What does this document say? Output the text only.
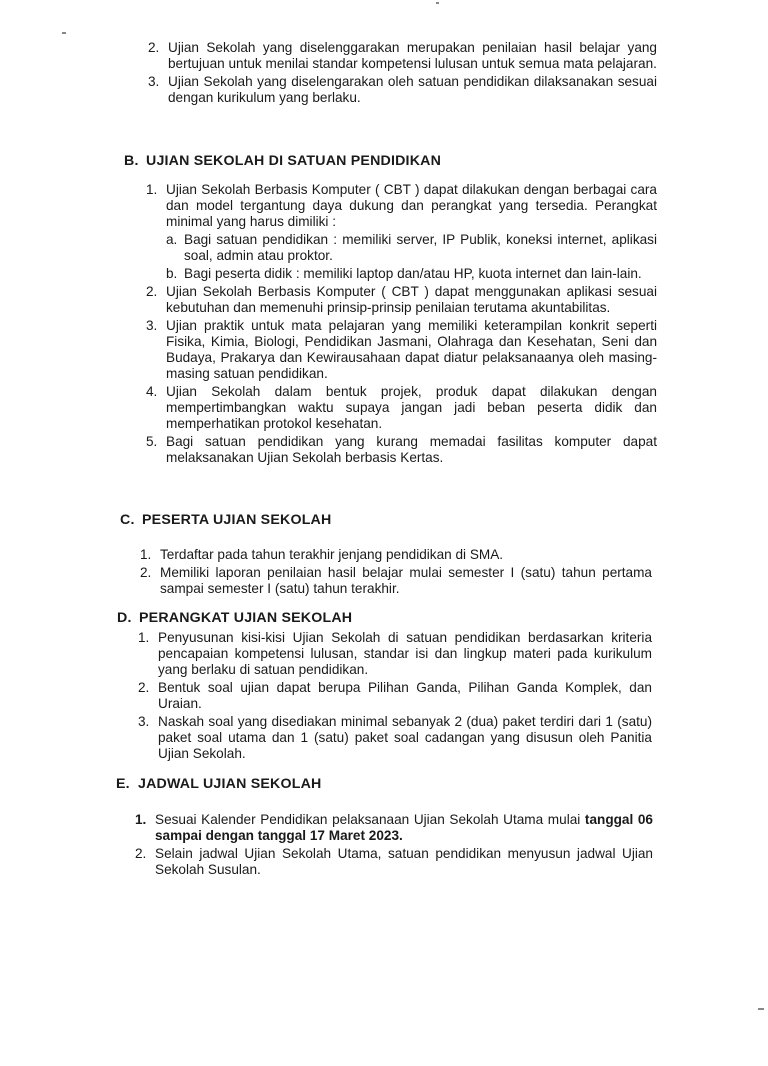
2. Ujian Sekolah yang diselenggarakan merupakan penilaian hasil belajar yang bertujuan untuk menilai standar kompetensi lulusan untuk semua mata pelajaran.
3. Ujian Sekolah yang diselengarakan oleh satuan pendidikan dilaksanakan sesuai dengan kurikulum yang berlaku.
B. UJIAN SEKOLAH DI SATUAN PENDIDIKAN
1. Ujian Sekolah Berbasis Komputer ( CBT ) dapat dilakukan dengan berbagai cara dan model tergantung daya dukung dan perangkat yang tersedia. Perangkat minimal yang harus dimiliki :
a. Bagi satuan pendidikan : memiliki server, IP Publik, koneksi internet, aplikasi soal, admin atau proktor.
b. Bagi peserta didik : memiliki laptop dan/atau HP, kuota internet dan lain-lain.
2. Ujian Sekolah Berbasis Komputer ( CBT ) dapat menggunakan aplikasi sesuai kebutuhan dan memenuhi prinsip-prinsip penilaian terutama akuntabilitas.
3. Ujian praktik untuk mata pelajaran yang memiliki keterampilan konkrit seperti Fisika, Kimia, Biologi, Pendidikan Jasmani, Olahraga dan Kesehatan, Seni dan Budaya, Prakarya dan Kewirausahaan dapat diatur pelaksanaanya oleh masing-masing satuan pendidikan.
4. Ujian Sekolah dalam bentuk projek, produk dapat dilakukan dengan mempertimbangkan waktu supaya jangan jadi beban peserta didik dan memperhatikan protokol kesehatan.
5. Bagi satuan pendidikan yang kurang memadai fasilitas komputer dapat melaksanakan Ujian Sekolah berbasis Kertas.
C. PESERTA UJIAN SEKOLAH
1. Terdaftar pada tahun terakhir jenjang pendidikan di SMA.
2. Memiliki laporan penilaian hasil belajar mulai semester I (satu) tahun pertama sampai semester I (satu) tahun terakhir.
D. PERANGKAT UJIAN SEKOLAH
1. Penyusunan kisi-kisi Ujian Sekolah di satuan pendidikan berdasarkan kriteria pencapaian kompetensi lulusan, standar isi dan lingkup materi pada kurikulum yang berlaku di satuan pendidikan.
2. Bentuk soal ujian dapat berupa Pilihan Ganda, Pilihan Ganda Komplek, dan Uraian.
3. Naskah soal yang disediakan minimal sebanyak 2 (dua) paket terdiri dari 1 (satu) paket soal utama dan 1 (satu) paket soal cadangan yang disusun oleh Panitia Ujian Sekolah.
E. JADWAL UJIAN SEKOLAH
1. Sesuai Kalender Pendidikan pelaksanaan Ujian Sekolah Utama mulai tanggal 06 sampai dengan tanggal 17 Maret 2023.
2. Selain jadwal Ujian Sekolah Utama, satuan pendidikan menyusun jadwal Ujian Sekolah Susulan.
